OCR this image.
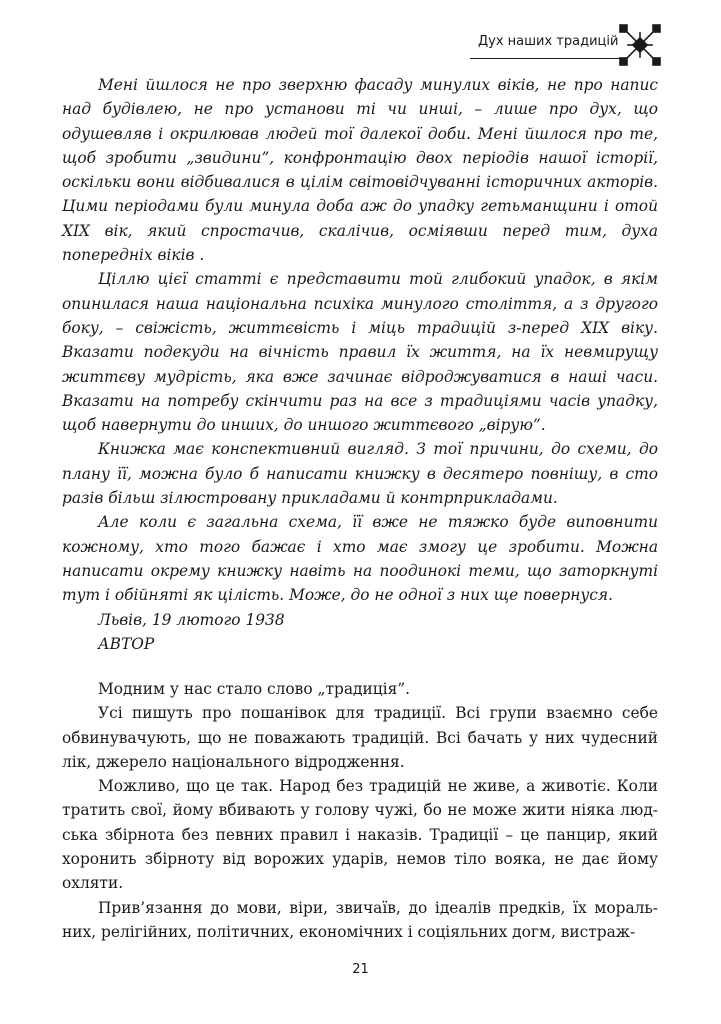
Дух наших традицій

Мені йшлося не про зверхню фасаду минулих віків, не про напис над будівлею, не про установи ті чи инші, – лише про дух, що одушевляв і окрилював людей тої далекої доби. Мені йшлося про те, щоб зробити „звидини”, конфронтацію двох періодів нашої історії, оскільки вони відбивалися в цілім світовідчуванні історичних акторів. Цими періодами були минула доба аж до упадку гетьманщини і отой XIX вік, який спростачив, скалічив, осміявши перед тим, духа попередніх віків .

Ціллю цієї статті є представити той глибокий упадок, в якім опинилася наша національна психіка минулого століття, а з другого боку, – свіжість, життєвість і міць традицій з-перед XIX віку. Вказати подекуди на вічність правил їх життя, на їх невмирущу життєву мудрість, яка вже зачинає відроджуватися в наші часи. Вказати на потребу скінчити раз на все з традиціями часів упадку, щоб навернути до инших, до иншого життєвого „вірую”.

Книжка має конспективний вигляд. З тої причини, до схеми, до плану її, можна було б написати книжку в десятеро повнішу, в сто разів більш зілюстровану прикладами й контрприкладами.

Але коли є загальна схема, її вже не тяжко буде виповнити кожному, хто того бажає і хто має змогу це зробити. Можна написати окрему книжку навіть на поодинокі теми, що заторкнуті тут і обійняті як цілість. Може, до не одної з них ще повернуся.

Львів, 19 лютого 1938

АВТОР

Модним у нас стало слово „традиція”.

Усі пишуть про пошанівок для традиції. Всі групи взаємно себе обвинувачують, що не поважають традицій. Всі бачать у них чудесний лік, джерело національного відродження.

Можливо, що це так. Народ без традицій не живе, а животіє. Коли тратить свої, йому вбивають у голову чужі, бо не може жити ніяка людська збірнота без певних правил і наказів. Традиції – це панцир, який хоронить збірноту від ворожих ударів, немов тіло вояка, не дає йому охляти.

Прив’язання до мови, віри, звичаїв, до ідеалів предків, їх моральних, релігійних, політичних, економічних і соціяльних догм, вистраж-

21
